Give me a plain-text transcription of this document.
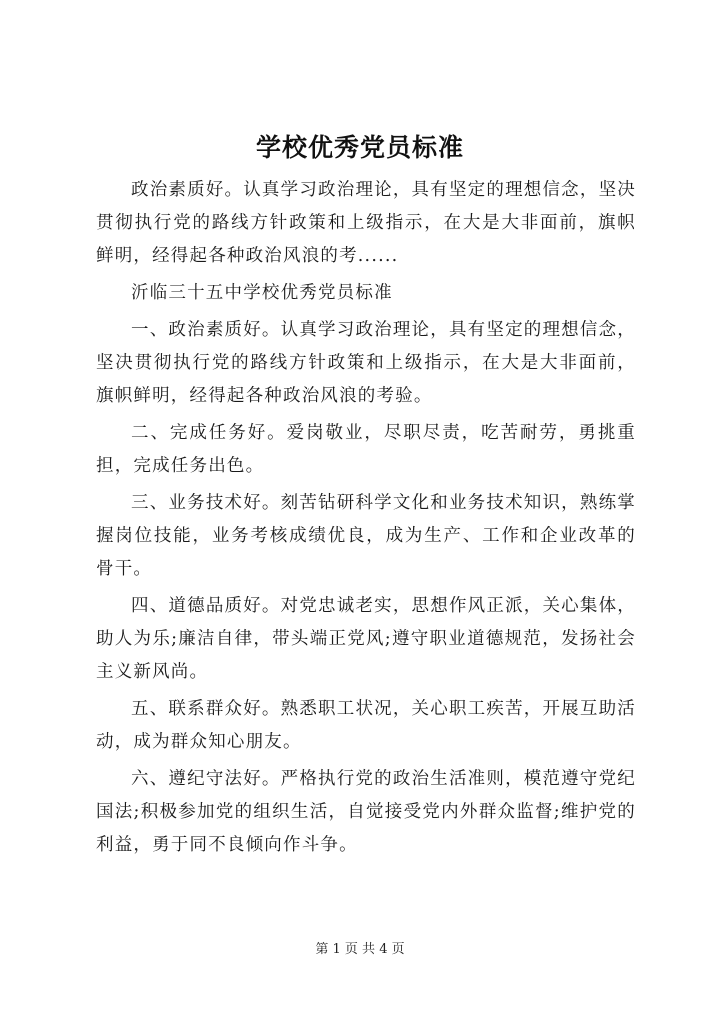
学校优秀党员标准

政治素质好。认真学习政治理论，具有坚定的理想信念，坚决贯彻执行党的路线方针政策和上级指示，在大是大非面前，旗帜鲜明，经得起各种政治风浪的考......

沂临三十五中学校优秀党员标准

一、政治素质好。认真学习政治理论，具有坚定的理想信念，坚决贯彻执行党的路线方针政策和上级指示，在大是大非面前，旗帜鲜明，经得起各种政治风浪的考验。

二、完成任务好。爱岗敬业，尽职尽责，吃苦耐劳，勇挑重担，完成任务出色。

三、业务技术好。刻苦钻研科学文化和业务技术知识，熟练掌握岗位技能，业务考核成绩优良，成为生产、工作和企业改革的骨干。

四、道德品质好。对党忠诚老实，思想作风正派，关心集体，助人为乐;廉洁自律，带头端正党风;遵守职业道德规范，发扬社会主义新风尚。

五、联系群众好。熟悉职工状况，关心职工疾苦，开展互助活动，成为群众知心朋友。

六、遵纪守法好。严格执行党的政治生活准则，模范遵守党纪国法;积极参加党的组织生活，自觉接受党内外群众监督;维护党的利益，勇于同不良倾向作斗争。

第 1 页 共 4 页
